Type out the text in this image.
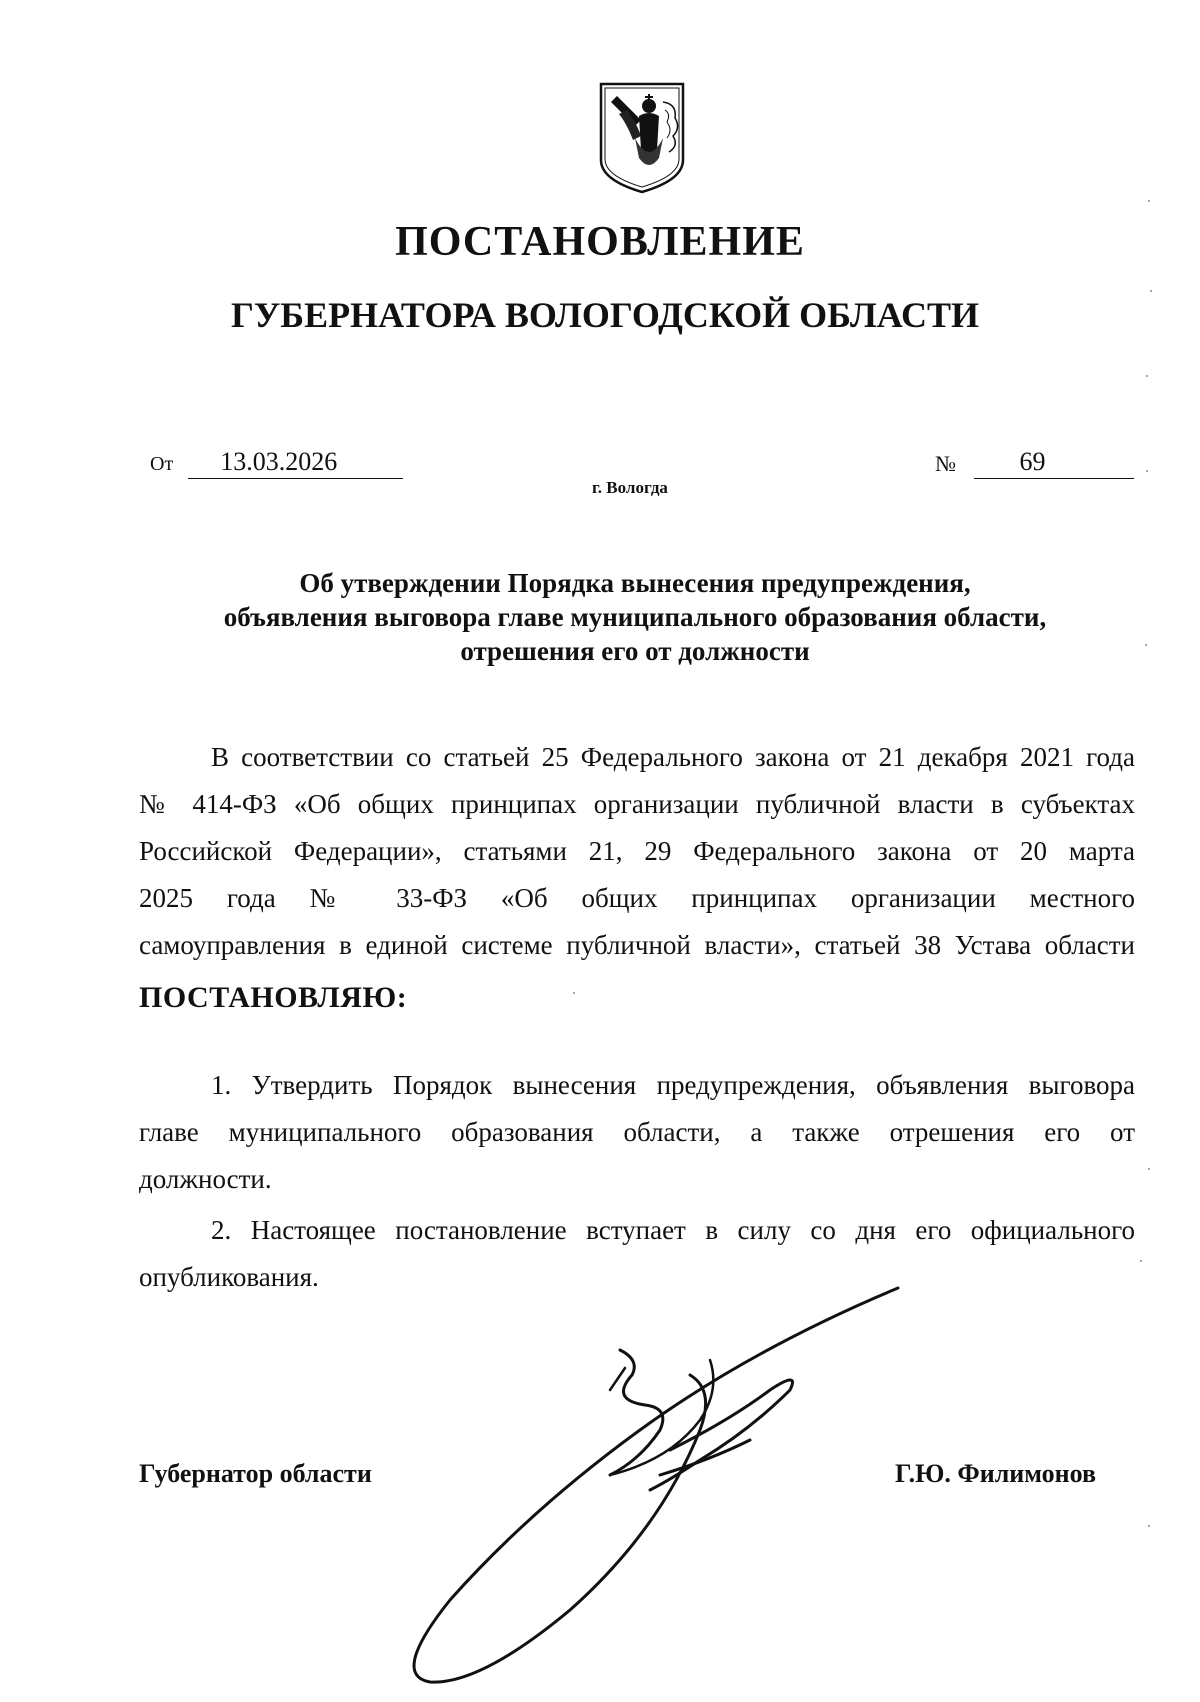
ПОСТАНОВЛЕНИЕ
ГУБЕРНАТОРА ВОЛОГОДСКОЙ ОБЛАСТИ
От 13.03.2026	№ 69
г. Вологда
Об утверждении Порядка вынесения предупреждения,
объявления выговора главе муниципального образования области,
отрешения его от должности
В соответствии со статьей 25 Федерального закона от 21 декабря 2021 года
№ 414-ФЗ «Об общих принципах организации публичной власти в субъектах
Российской Федерации», статьями 21, 29 Федерального закона от 20 марта
2025 года № 33-ФЗ «Об общих принципах организации местного
самоуправления в единой системе публичной власти», статьей 38 Устава области
ПОСТАНОВЛЯЮ:
1. Утвердить Порядок вынесения предупреждения, объявления выговора
главе муниципального образования области, а также отрешения его от
должности.
2. Настоящее постановление вступает в силу со дня его официального
опубликования.
Губернатор области	Г.Ю. Филимонов
